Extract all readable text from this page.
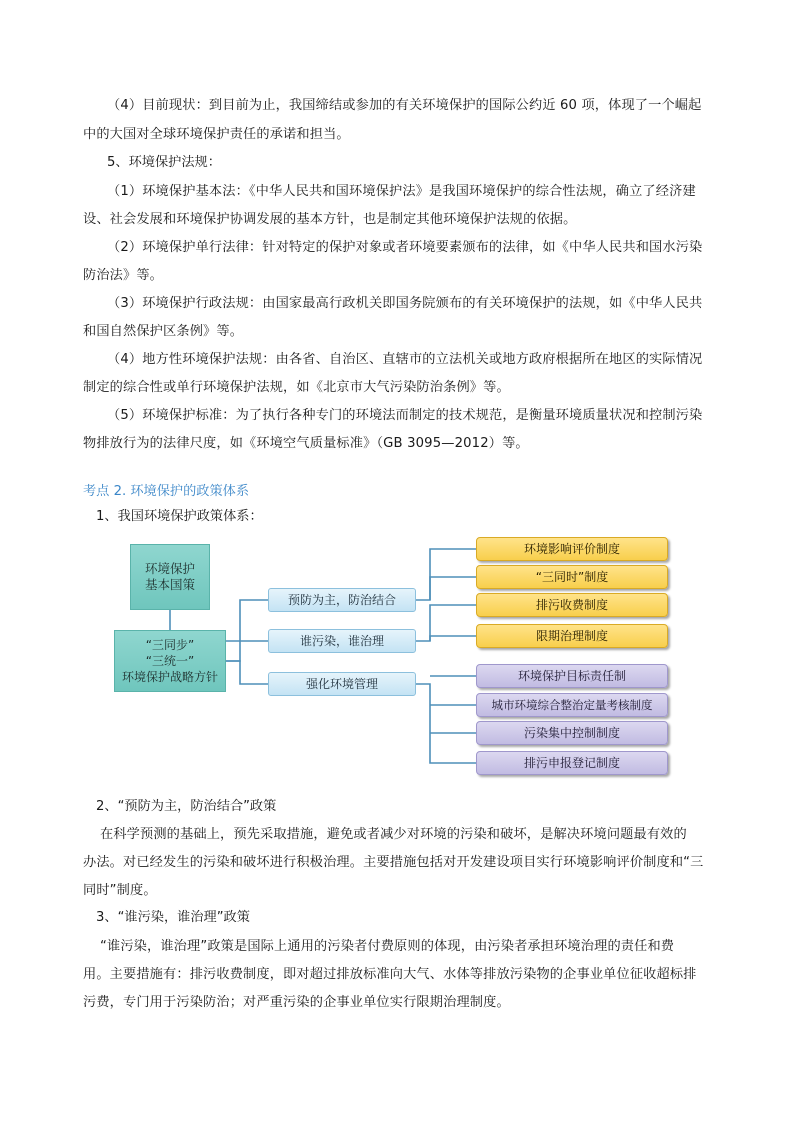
（4）目前现状：到目前为止，我国缔结或参加的有关环境保护的国际公约近 60 项，体现了一个崛起
中的大国对全球环境保护责任的承诺和担当。
5、环境保护法规：
（1）环境保护基本法：《中华人民共和国环境保护法》是我国环境保护的综合性法规，确立了经济建
设、社会发展和环境保护协调发展的基本方针，也是制定其他环境保护法规的依据。
（2）环境保护单行法律：针对特定的保护对象或者环境要素颁布的法律，如《中华人民共和国水污染
防治法》等。
（3）环境保护行政法规：由国家最高行政机关即国务院颁布的有关环境保护的法规，如《中华人民共
和国自然保护区条例》等。
（4）地方性环境保护法规：由各省、自治区、直辖市的立法机关或地方政府根据所在地区的实际情况
制定的综合性或单行环境保护法规，如《北京市大气污染防治条例》等。
（5）环境保护标准：为了执行各种专门的环境法而制定的技术规范，是衡量环境质量状况和控制污染
物排放行为的法律尺度，如《环境空气质量标准》（GB 3095—2012）等。
考点 2. 环境保护的政策体系
1、我国环境保护政策体系：
环境保护
基本国策
“三同步”
“三统一”
环境保护战略方针
预防为主，防治结合
谁污染，谁治理
强化环境管理
环境影响评价制度
“三同时”制度
排污收费制度
限期治理制度
环境保护目标责任制
城市环境综合整治定量考核制度
污染集中控制制度
排污申报登记制度
2、“预防为主，防治结合”政策
在科学预测的基础上，预先采取措施，避免或者减少对环境的污染和破坏，是解决环境问题最有效的
办法。对已经发生的污染和破坏进行积极治理。主要措施包括对开发建设项目实行环境影响评价制度和“三
同时”制度。
3、“谁污染，谁治理”政策
“谁污染，谁治理”政策是国际上通用的污染者付费原则的体现，由污染者承担环境治理的责任和费
用。主要措施有：排污收费制度，即对超过排放标准向大气、水体等排放污染物的企事业单位征收超标排
污费，专门用于污染防治；对严重污染的企事业单位实行限期治理制度。
